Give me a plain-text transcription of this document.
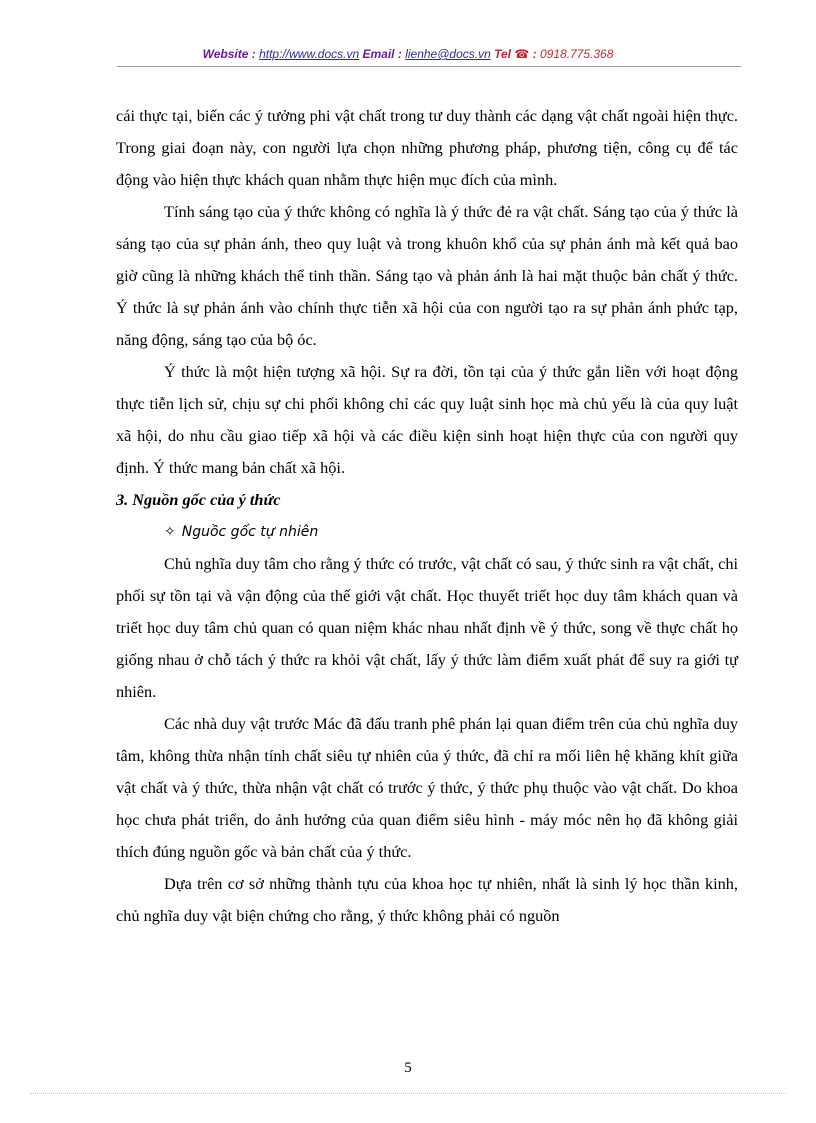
Website : http://www.docs.vn Email : lienhe@docs.vn Tel ☎ : 0918.775.368

cái thực tại, biến các ý tưởng phi vật chất trong tư duy thành các dạng vật chất ngoài hiện thực. Trong giai đoạn này, con người lựa chọn những phương pháp, phương tiện, công cụ để tác động vào hiện thực khách quan nhằm thực hiện mục đích của mình.

Tính sáng tạo của ý thức không có nghĩa là ý thức đẻ ra vật chất. Sáng tạo của ý thức là sáng tạo của sự phản ánh, theo quy luật và trong khuôn khổ của sự phản ánh mà kết quả bao giờ cũng là những khách thể tinh thần. Sáng tạo và phản ánh là hai mặt thuộc bản chất ý thức. Ý thức là sự phản ánh vào chính thực tiễn xã hội của con người tạo ra sự phản ánh phức tạp, năng động, sáng tạo của bộ óc.

Ý thức là một hiện tượng xã hội. Sự ra đời, tồn tại của ý thức gắn liền với hoạt động thực tiễn lịch sử, chịu sự chi phối không chỉ các quy luật sinh học mà chủ yếu là của quy luật xã hội, do nhu cầu giao tiếp xã hội và các điều kiện sinh hoạt hiện thực của con người quy định. Ý thức mang bản chất xã hội.

3. Nguồn gốc của ý thức

✧ Nguồc gốc tự nhiên

Chủ nghĩa duy tâm cho rằng ý thức có trước, vật chất có sau, ý thức sinh ra vật chất, chi phối sự tồn tại và vận động của thế giới vật chất. Học thuyết triết học duy tâm khách quan và triết học duy tâm chủ quan có quan niệm khác nhau nhất định về ý thức, song về thực chất họ giống nhau ở chỗ tách ý thức ra khỏi vật chất, lấy ý thức làm điểm xuất phát để suy ra giới tự nhiên.

Các nhà duy vật trước Mác đã đấu tranh phê phán lại quan điểm trên của chủ nghĩa duy tâm, không thừa nhận tính chất siêu tự nhiên của ý thức, đã chỉ ra mối liên hệ khăng khít giữa vật chất và ý thức, thừa nhận vật chất có trước ý thức, ý thức phụ thuộc vào vật chất. Do khoa học chưa phát triển, do ảnh hưởng của quan điểm siêu hình - máy móc nên họ đã không giải thích đúng nguồn gốc và bản chất của ý thức.

Dựa trên cơ sở những thành tựu của khoa học tự nhiên, nhất là sinh lý học thần kinh, chủ nghĩa duy vật biện chứng cho rằng, ý thức không phải có nguồn

5
